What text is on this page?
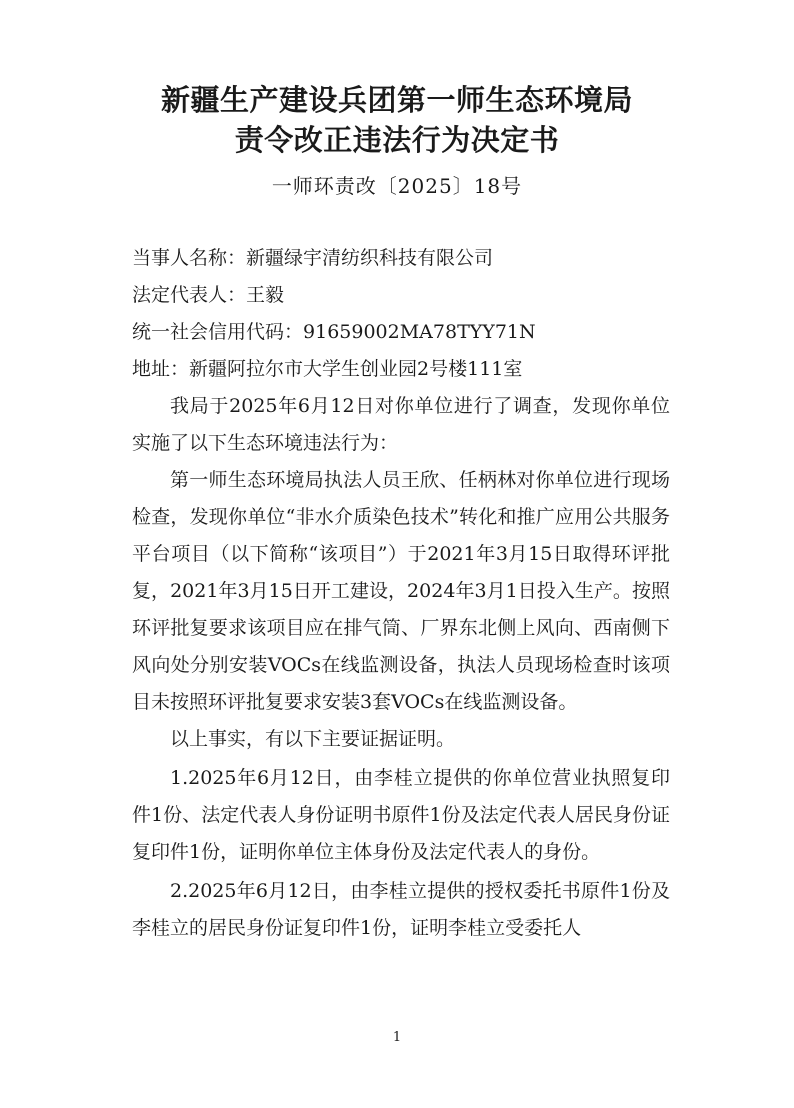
新疆生产建设兵团第一师生态环境局
责令改正违法行为决定书
一师环责改〔2025〕18号

当事人名称： 新疆绿宇清纺织科技有限公司

法定代表人： 王毅

统一社会信用代码： 91659002MA78TYY71N

地址： 新疆阿拉尔市大学生创业园2号楼111室

我局于2025年6月12日对你单位进行了调查，发现你单位实施了以下生态环境违法行为：

第一师生态环境局执法人员王欣、任柄林对你单位进行现场检查，发现你单位“非水介质染色技术”转化和推广应用公共服务平台项目（以下简称“该项目”）于2021年3月15日取得环评批复，2021年3月15日开工建设，2024年3月1日投入生产。按照环评批复要求该项目应在排气筒、厂界东北侧上风向、西南侧下风向处分别安装VOCs在线监测设备，执法人员现场检查时该项目未按照环评批复要求安装3套VOCs在线监测设备。

以上事实，有以下主要证据证明。

1.2025年6月12日，由李桂立提供的你单位营业执照复印件1份、法定代表人身份证明书原件1份及法定代表人居民身份证复印件1份，证明你单位主体身份及法定代表人的身份。

2.2025年6月12日，由李桂立提供的授权委托书原件1份及李桂立的居民身份证复印件1份，证明李桂立受委托人

1
